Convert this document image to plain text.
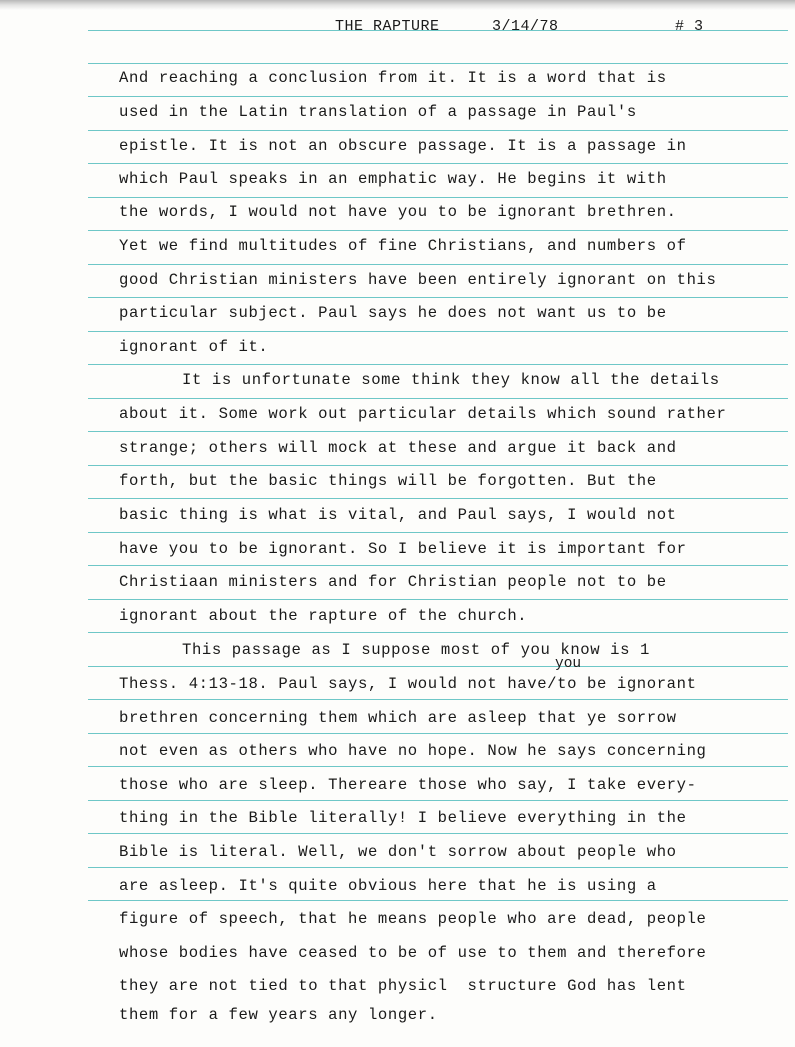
THE RAPTURE	3/14/78	# 3
And reaching a conclusion from it. It is a word that is
used in the Latin translation of a passage in Paul's
epistle. It is not an obscure passage. It is a passage in
which Paul speaks in an emphatic way. He begins it with
the words, I would not have you to be ignorant brethren.
Yet we find multitudes of fine Christians, and numbers of
good Christian ministers have been entirely ignorant on this
particular subject. Paul says he does not want us to be
ignorant of it.
It is unfortunate some think they know all the details
about it. Some work out particular details which sound rather
strange; others will mock at these and argue it back and
forth, but the basic things will be forgotten. But the
basic thing is what is vital, and Paul says, I would not
have you to be ignorant. So I believe it is important for
Christiaan ministers and for Christian people not to be
ignorant about the rapture of the church.
This passage as I suppose most of you know is 1
you
Thess. 4:13-18. Paul says, I would not have/to be ignorant
brethren concerning them which are asleep that ye sorrow
not even as others who have no hope. Now he says concerning
those who are sleep. Thereare those who say, I take every-
thing in the Bible literally! I believe everything in the
Bible is literal. Well, we don't sorrow about people who
are asleep. It's quite obvious here that he is using a
figure of speech, that he means people who are dead, people
whose bodies have ceased to be of use to them and therefore
they are not tied to that physicl  structure God has lent
them for a few years any longer.
